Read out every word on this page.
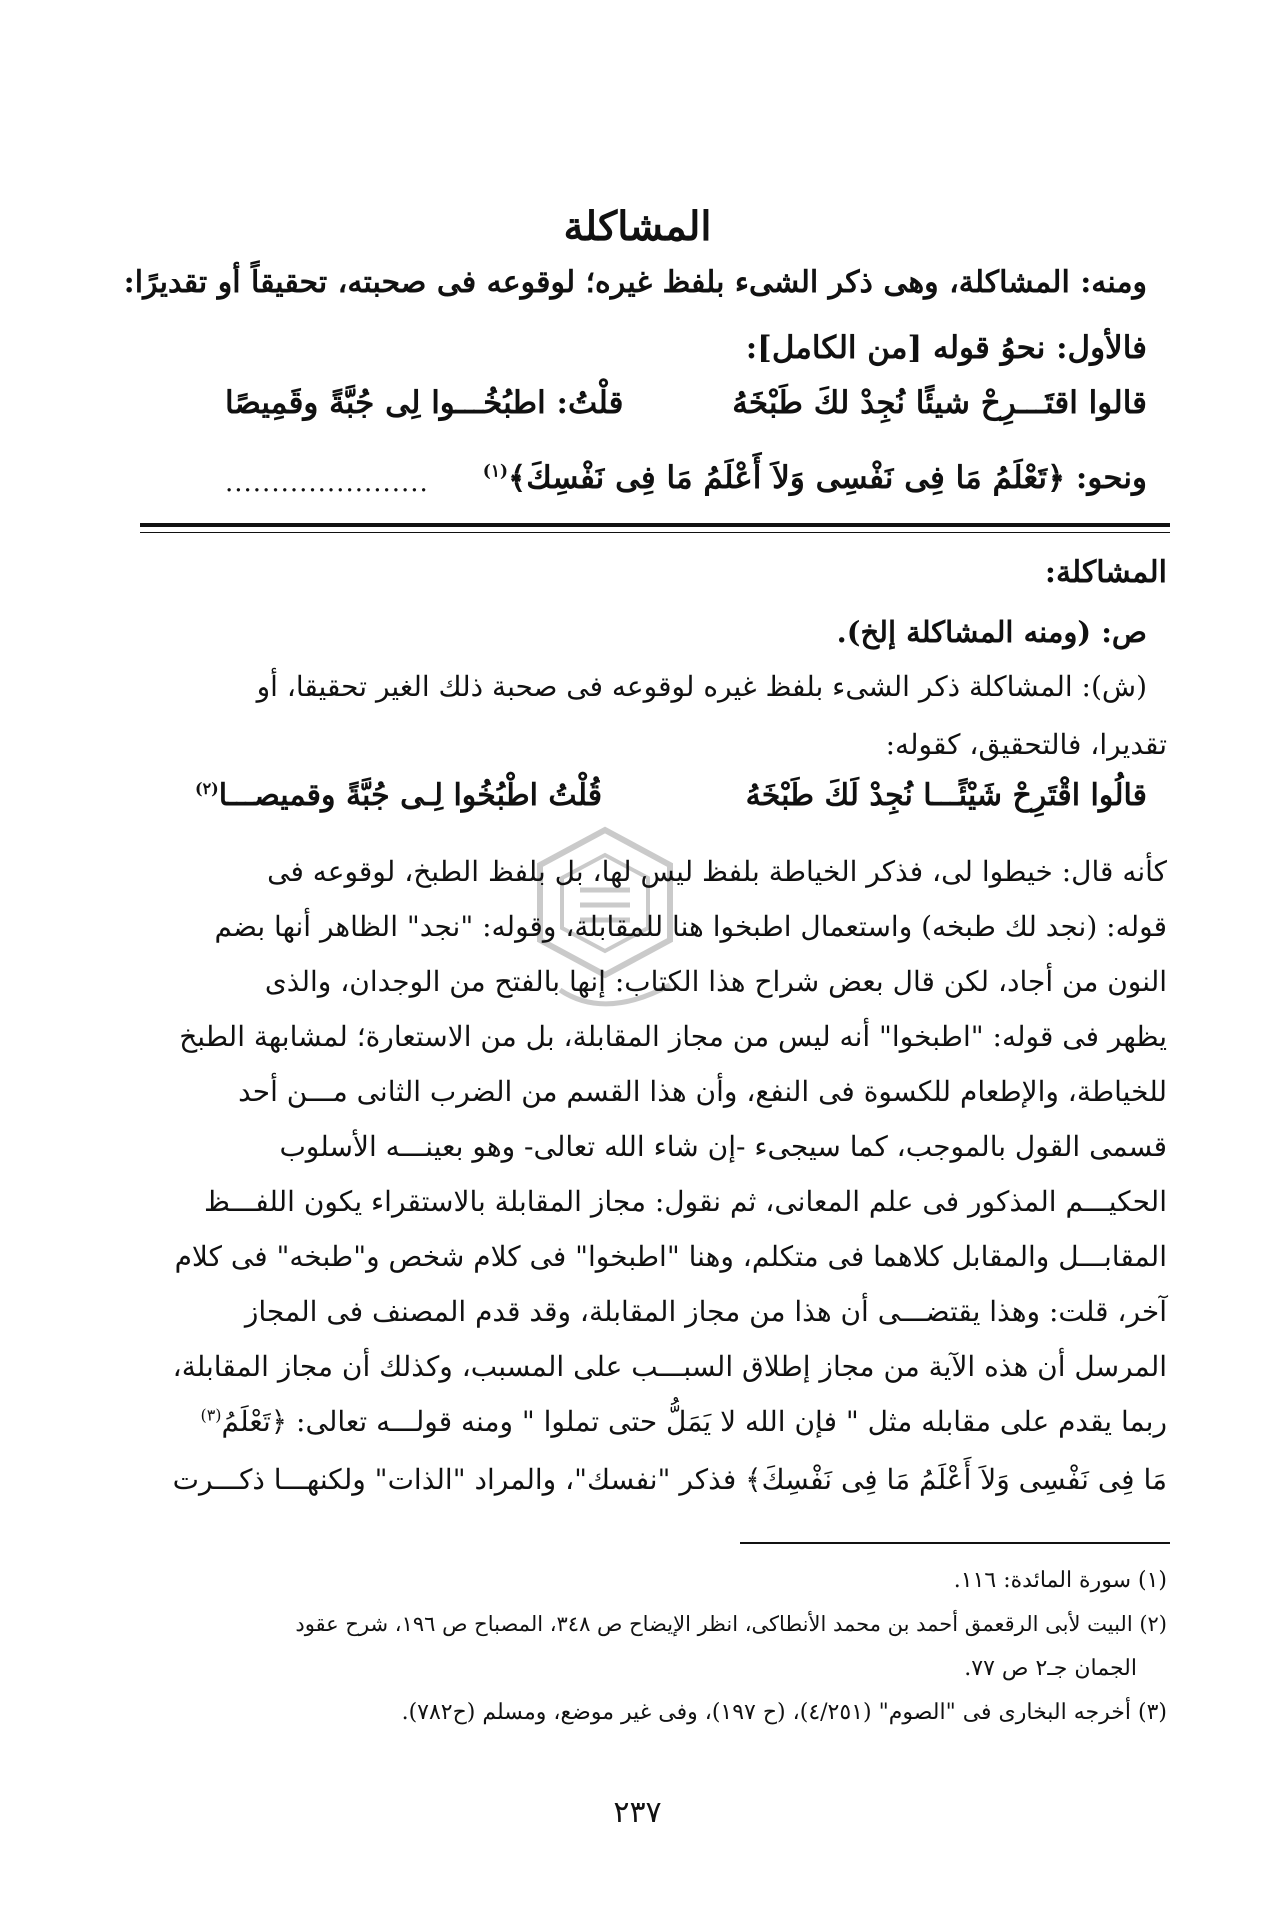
المشاكلة
ومنه: المشاكلة، وهى ذكر الشىء بلفظ غيره؛ لوقوعه فى صحبته، تحقيقاً أو تقديرًا:
فالأول: نحوُ قوله [من الكامل]:
قالوا اقتَـــرِحْ شيئًا نُجِدْ لكَ طَبْخَهُ
قلْتُ: اطبُخُـــوا لِى جُبَّةً وقَمِيصًا
ونحو: ﴿تَعْلَمُ مَا فِى نَفْسِى وَلاَ أَعْلَمُ مَا فِى نَفْسِكَ﴾$^{(١)}$
......................
المشاكلة:
ص: (ومنه المشاكلة إلخ).
(ش): المشاكلة ذكر الشىء بلفظ غيره لوقوعه فى صحبة ذلك الغير تحقيقا، أو
تقديرا، فالتحقيق، كقوله:
قالُوا اقْتَرِحْ شَيْئًـــا نُجِدْ لَكَ طَبْخَهُ
قُلْتُ اطْبُخُوا لِـى جُبَّةً وقميصـــا$^{(٢)}$
كأنه قال: خيطوا لى، فذكر الخياطة بلفظ ليس لها، بل بلفظ الطبخ، لوقوعه فى
قوله: (نجد لك طبخه) واستعمال اطبخوا هنا للمقابلة، وقوله: "نجد" الظاهر أنها بضم
النون من أجاد، لكن قال بعض شراح هذا الكتاب: إنها بالفتح من الوجدان، والذى
يظهر فى قوله: "اطبخوا" أنه ليس من مجاز المقابلة، بل من الاستعارة؛ لمشابهة الطبخ
للخياطة، والإطعام للكسوة فى النفع، وأن هذا القسم من الضرب الثانى مـــن أحد
قسمى القول بالموجب، كما سيجىء -إن شاء الله تعالى- وهو بعينـــه الأسلوب
الحكيـــم المذكور فى علم المعانى، ثم نقول: مجاز المقابلة بالاستقراء يكون اللفـــظ
المقابـــل والمقابل كلاهما فى متكلم، وهنا "اطبخوا" فى كلام شخص و"طبخه" فى كلام
آخر، قلت: وهذا يقتضـــى أن هذا من مجاز المقابلة، وقد قدم المصنف فى المجاز
المرسل أن هذه الآية من مجاز إطلاق السبـــب على المسبب، وكذلك أن مجاز المقابلة،
ربما يقدم على مقابله مثل " فإن الله لا يَمَلُّ حتى تملوا " ومنه قولـــه تعالى: ﴿تَعْلَمُ$^{(٣)}$
مَا فِى نَفْسِى وَلاَ أَعْلَمُ مَا فِى نَفْسِكَ﴾ فذكر "نفسك"، والمراد "الذات" ولكنهـــا ذكـــرت
(١) سورة المائدة: ١١٦.
(٢) البيت لأبى الرقعمق أحمد بن محمد الأنطاكى، انظر الإيضاح ص ٣٤٨، المصباح ص ١٩٦، شرح عقود
الجمان جـ٢ ص ٧٧.
(٣) أخرجه البخارى فى "الصوم" (٤/٢٥١)، (ح ١٩٧)، وفى غير موضع، ومسلم (ح٧٨٢).
٢٣٧
